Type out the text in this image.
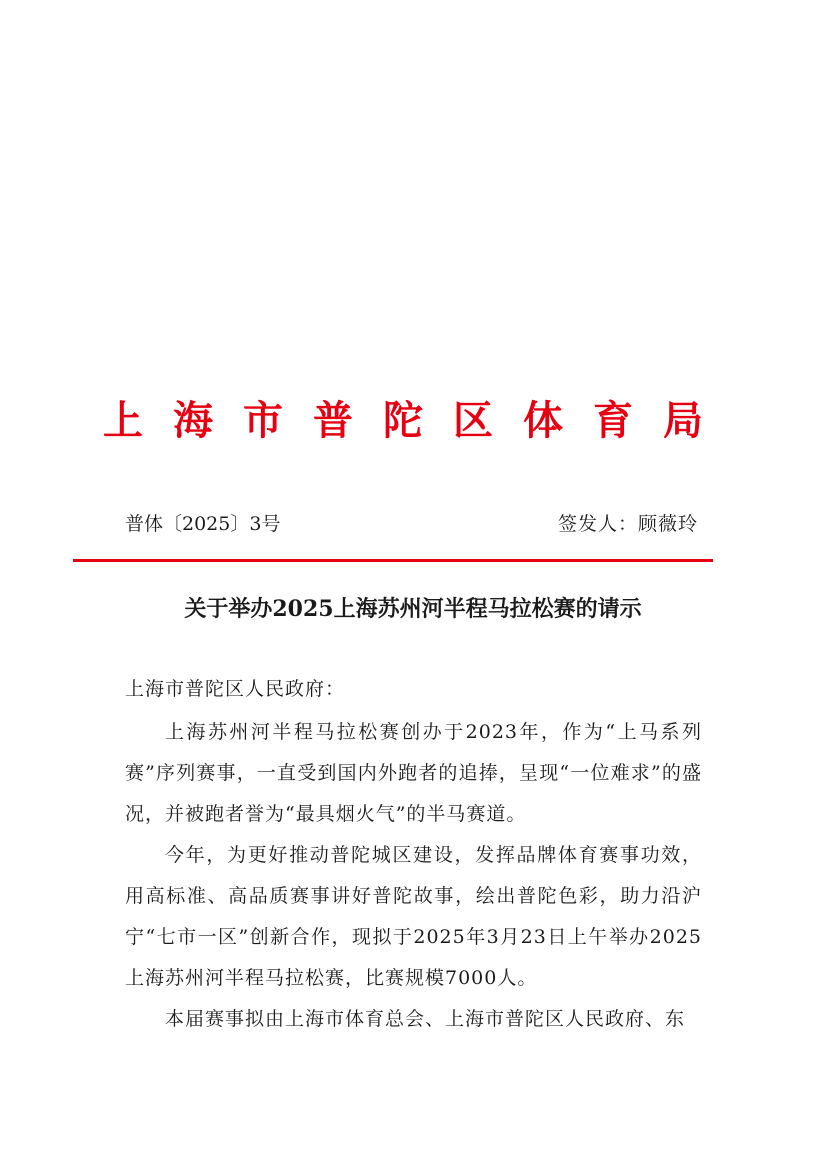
上海市普陀区体育局
普体〔2025〕3号	签发人：顾薇玲
关于举办2025上海苏州河半程马拉松赛的请示
上海市普陀区人民政府：

上海苏州河半程马拉松赛创办于2023年，作为“上马系列赛”序列赛事，一直受到国内外跑者的追捧，呈现“一位难求”的盛况，并被跑者誉为“最具烟火气”的半马赛道。

今年，为更好推动普陀城区建设，发挥品牌体育赛事功效，用高标准、高品质赛事讲好普陀故事，绘出普陀色彩，助力沿沪宁“七市一区”创新合作，现拟于2025年3月23日上午举办2025上海苏州河半程马拉松赛，比赛规模7000人。

本届赛事拟由上海市体育总会、上海市普陀区人民政府、东
